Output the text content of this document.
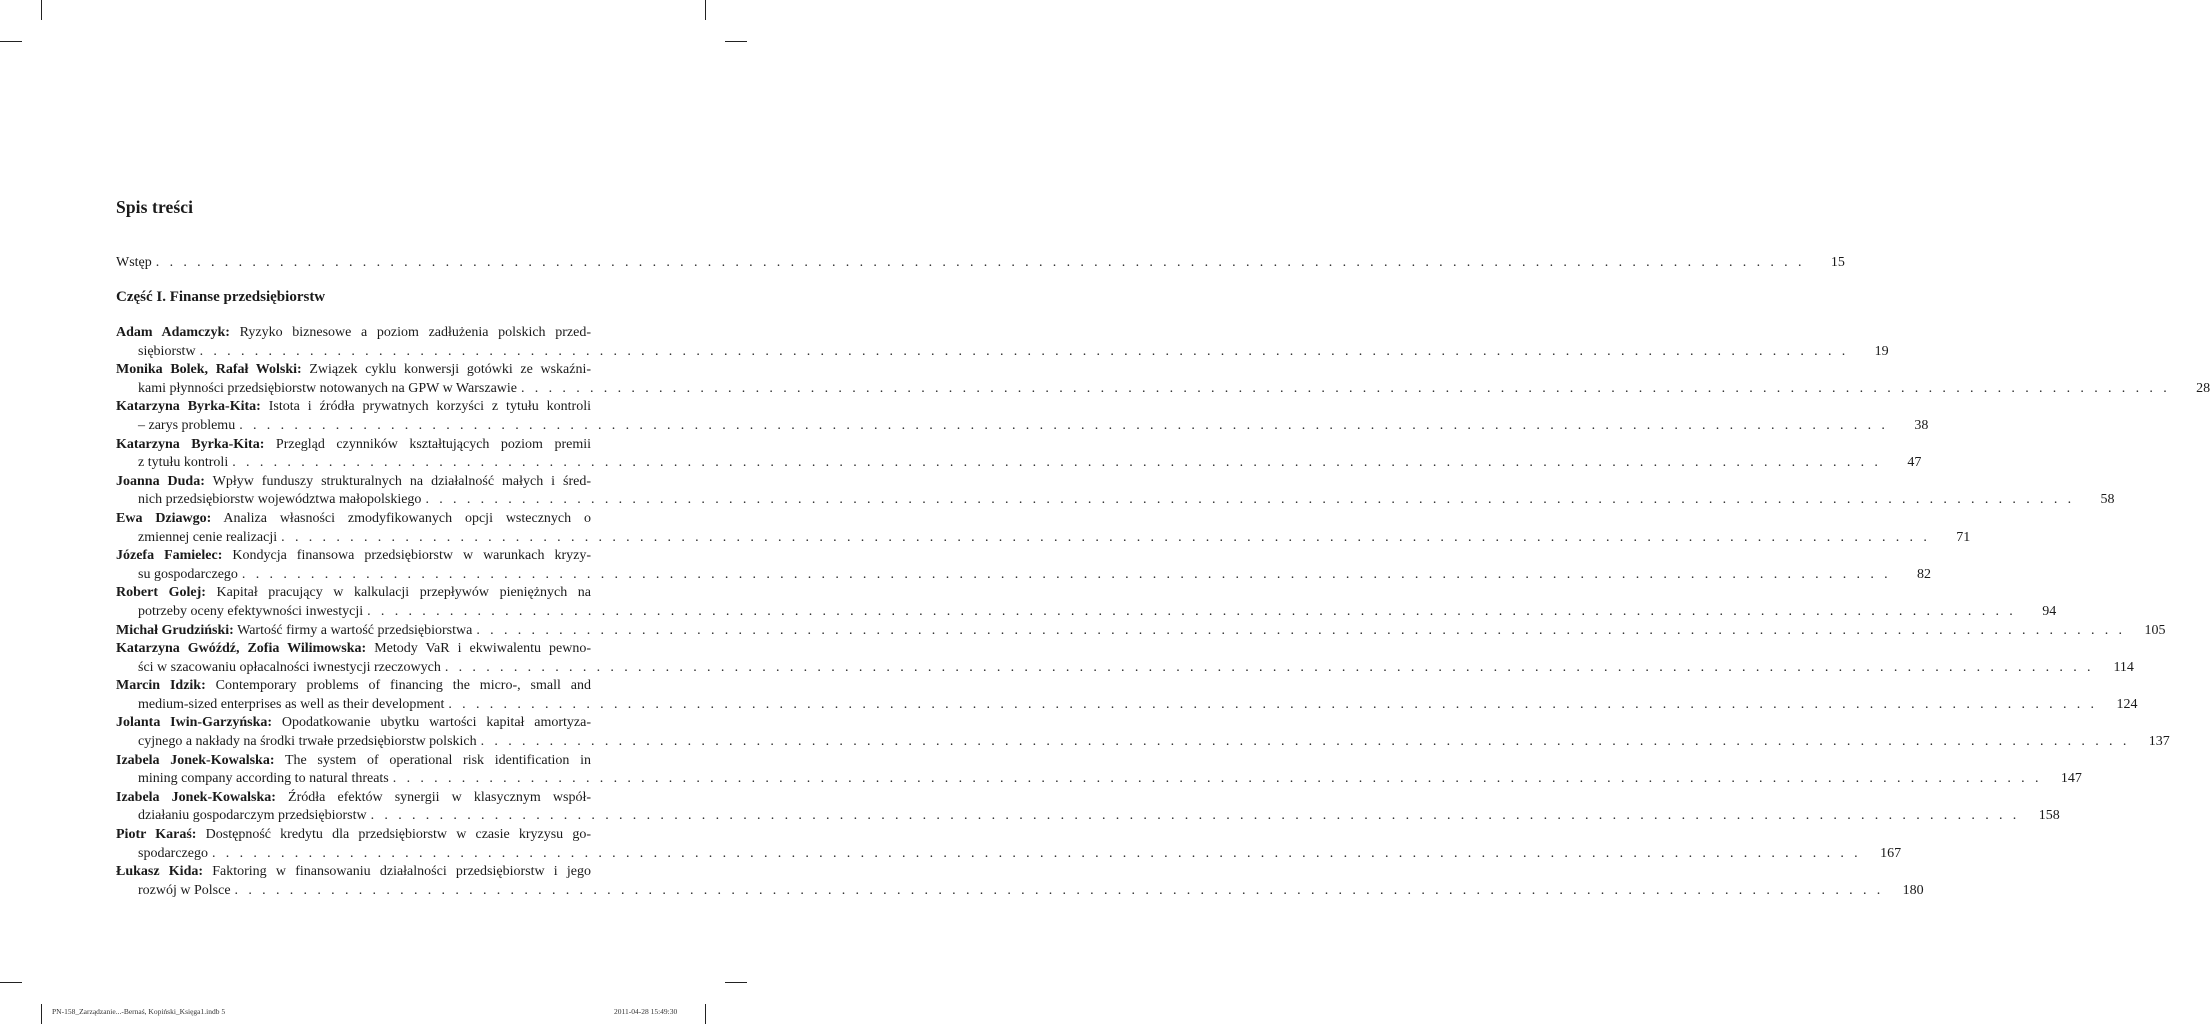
Spis treści
Wstęp . . . . . . . . . . . . . . . . . . . . . . . . . . . . . . . . . . . . . . . . . . . . . . . . . . . . . . . . . . . . . . . . . . . . . . . . . . . . . . . . . . . . . . . . . . . . . . . . . . . . . . . . . . . . . . . . . . . . . . . .	15
Część I. Finanse przedsiębiorstw
Adam Adamczyk: Ryzyko biznesowe a poziom zadłużenia polskich przed-
siębiorstw . . . . . . . . . . . . . . . . . . . . . . . . . . . . . . . . . . . . . . . . . . . . . . . . . . . . . . . . . . . . . . . . . . . . . . . . . . . . . . . . . . . . . . . . . . . . . . . . . . . . . . . . . . . . . . . . . . . . . . . .	19
Monika Bolek, Rafał Wolski: Związek cyklu konwersji gotówki ze wskaźni-
kami płynności przedsiębiorstw notowanych na GPW w Warszawie . . . . . . . . . . . . . . . . . . . . . . . . . . . . . . . . . . . . . . . . . . . . . . . . . . . . . . . . . . . . . . . . . . . . . . . . . . . . . . . . . . . . . . . . . . . . . . . . . . . . . . . . . . . . . . . . . . . . . . . .	28
Katarzyna Byrka-Kita: Istota i źródła prywatnych korzyści z tytułu kontroli
– zarys problemu . . . . . . . . . . . . . . . . . . . . . . . . . . . . . . . . . . . . . . . . . . . . . . . . . . . . . . . . . . . . . . . . . . . . . . . . . . . . . . . . . . . . . . . . . . . . . . . . . . . . . . . . . . . . . . . . . . . . . . . .	38
Katarzyna Byrka-Kita: Przegląd czynników kształtujących poziom premii
z tytułu kontroli . . . . . . . . . . . . . . . . . . . . . . . . . . . . . . . . . . . . . . . . . . . . . . . . . . . . . . . . . . . . . . . . . . . . . . . . . . . . . . . . . . . . . . . . . . . . . . . . . . . . . . . . . . . . . . . . . . . . . . . .	47
Joanna Duda: Wpływ funduszy strukturalnych na działalność małych i śred-
nich przedsiębiorstw województwa małopolskiego . . . . . . . . . . . . . . . . . . . . . . . . . . . . . . . . . . . . . . . . . . . . . . . . . . . . . . . . . . . . . . . . . . . . . . . . . . . . . . . . . . . . . . . . . . . . . . . . . . . . . . . . . . . . . . . . . . . . . . . .	58
Ewa Dziawgo: Analiza własności zmodyfikowanych opcji wstecznych o
zmiennej cenie realizacji . . . . . . . . . . . . . . . . . . . . . . . . . . . . . . . . . . . . . . . . . . . . . . . . . . . . . . . . . . . . . . . . . . . . . . . . . . . . . . . . . . . . . . . . . . . . . . . . . . . . . . . . . . . . . . . . . . . . . . . .	71
Józefa Famielec: Kondycja finansowa przedsiębiorstw w warunkach kryzy-
su gospodarczego . . . . . . . . . . . . . . . . . . . . . . . . . . . . . . . . . . . . . . . . . . . . . . . . . . . . . . . . . . . . . . . . . . . . . . . . . . . . . . . . . . . . . . . . . . . . . . . . . . . . . . . . . . . . . . . . . . . . . . . .	82
Robert Golej: Kapitał pracujący w kalkulacji przepływów pieniężnych na
potrzeby oceny efektywności inwestycji . . . . . . . . . . . . . . . . . . . . . . . . . . . . . . . . . . . . . . . . . . . . . . . . . . . . . . . . . . . . . . . . . . . . . . . . . . . . . . . . . . . . . . . . . . . . . . . . . . . . . . . . . . . . . . . . . . . . . . . .	94
Michał Grudziński: Wartość firmy a wartość przedsiębiorstwa . . . . . . . . . . . . . . . . . . . . . . . . . . . . . . . . . . . . . . . . . . . . . . . . . . . . . . . . . . . . . . . . . . . . . . . . . . . . . . . . . . . . . . . . . . . . . . . . . . . . . . . . . . . . . . . . . . . . . . . .	105
Katarzyna Gwóźdź, Zofia Wilimowska: Metody VaR i ekwiwalentu pewno-
ści w szacowaniu opłacalności iwnestycji rzeczowych . . . . . . . . . . . . . . . . . . . . . . . . . . . . . . . . . . . . . . . . . . . . . . . . . . . . . . . . . . . . . . . . . . . . . . . . . . . . . . . . . . . . . . . . . . . . . . . . . . . . . . . . . . . . . . . . . . . . . . . .	114
Marcin Idzik: Contemporary problems of financing the micro-, small and
medium-sized enterprises as well as their development . . . . . . . . . . . . . . . . . . . . . . . . . . . . . . . . . . . . . . . . . . . . . . . . . . . . . . . . . . . . . . . . . . . . . . . . . . . . . . . . . . . . . . . . . . . . . . . . . . . . . . . . . . . . . . . . . . . . . . . .	124
Jolanta Iwin-Garzyńska: Opodatkowanie ubytku wartości kapitał amortyza-
cyjnego a nakłady na środki trwałe przedsiębiorstw polskich . . . . . . . . . . . . . . . . . . . . . . . . . . . . . . . . . . . . . . . . . . . . . . . . . . . . . . . . . . . . . . . . . . . . . . . . . . . . . . . . . . . . . . . . . . . . . . . . . . . . . . . . . . . . . . . . . . . . . . . .	137
Izabela Jonek-Kowalska: The system of operational risk identification in
mining company according to natural threats . . . . . . . . . . . . . . . . . . . . . . . . . . . . . . . . . . . . . . . . . . . . . . . . . . . . . . . . . . . . . . . . . . . . . . . . . . . . . . . . . . . . . . . . . . . . . . . . . . . . . . . . . . . . . . . . . . . . . . . .	147
Izabela Jonek-Kowalska: Źródła efektów synergii w klasycznym współ-
działaniu gospodarczym przedsiębiorstw . . . . . . . . . . . . . . . . . . . . . . . . . . . . . . . . . . . . . . . . . . . . . . . . . . . . . . . . . . . . . . . . . . . . . . . . . . . . . . . . . . . . . . . . . . . . . . . . . . . . . . . . . . . . . . . . . . . . . . . .	158
Piotr Karaś: Dostępność kredytu dla przedsiębiorstw w czasie kryzysu go-
spodarczego . . . . . . . . . . . . . . . . . . . . . . . . . . . . . . . . . . . . . . . . . . . . . . . . . . . . . . . . . . . . . . . . . . . . . . . . . . . . . . . . . . . . . . . . . . . . . . . . . . . . . . . . . . . . . . . . . . . . . . . .	167
Łukasz Kida: Faktoring w finansowaniu działalności przedsiębiorstw i jego
rozwój w Polsce . . . . . . . . . . . . . . . . . . . . . . . . . . . . . . . . . . . . . . . . . . . . . . . . . . . . . . . . . . . . . . . . . . . . . . . . . . . . . . . . . . . . . . . . . . . . . . . . . . . . . . . . . . . . . . . . . . . . . . . .	180
PN-158_Zarządzanie...-Bernaś, Kopiński_Księga1.indb 5	2011-04-28 15:49:30
